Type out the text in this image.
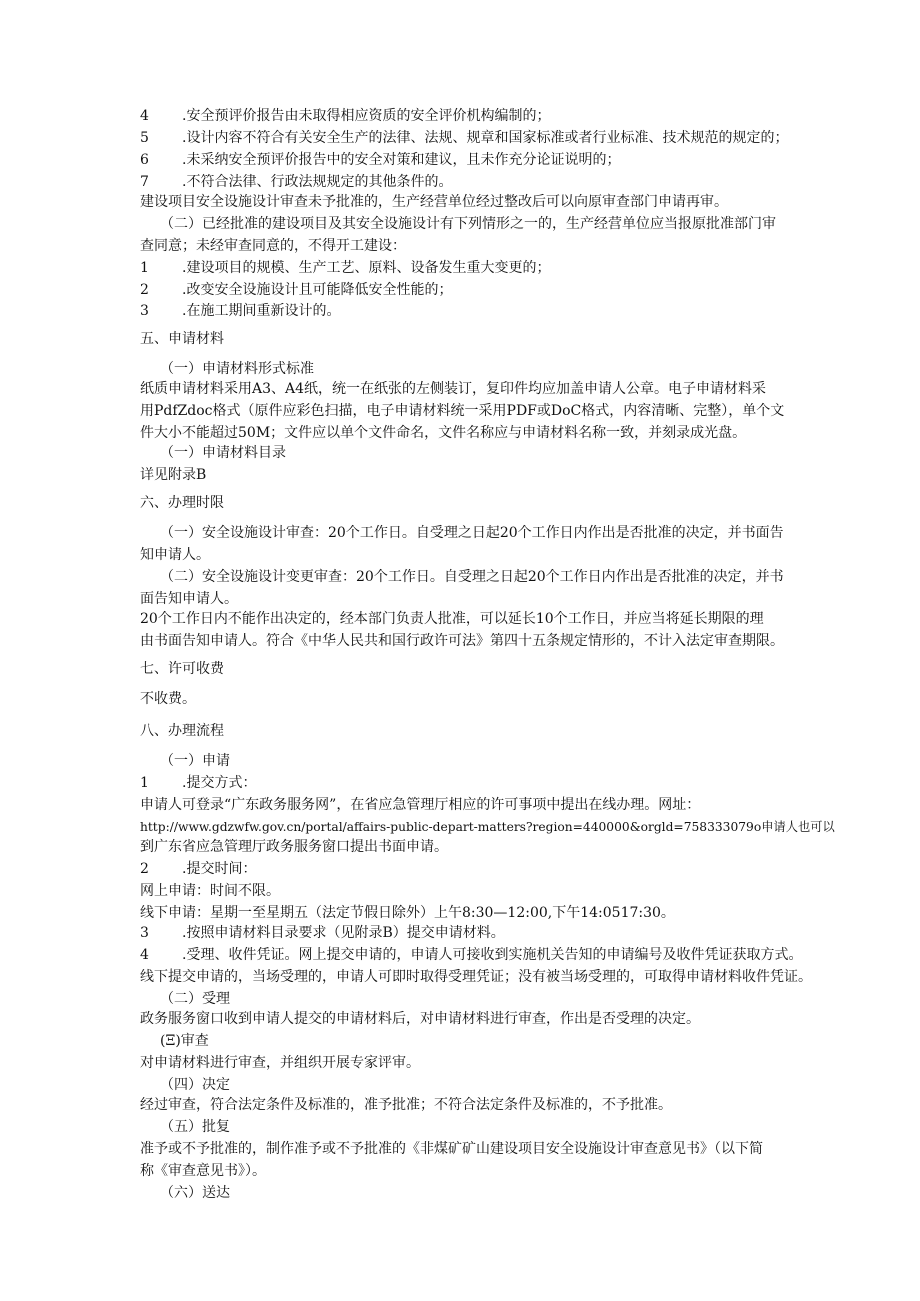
4 .安全预评价报告由未取得相应资质的安全评价机构编制的；
5 .设计内容不符合有关安全生产的法律、法规、规章和国家标准或者行业标准、技术规范的规定的；
6 .未采纳安全预评价报告中的安全对策和建议，且未作充分论证说明的；
7 .不符合法律、行政法规规定的其他条件的。
建设项目安全设施设计审查未予批准的，生产经营单位经过整改后可以向原审查部门申请再审。
（二）已经批准的建设项目及其安全设施设计有下列情形之一的，生产经营单位应当报原批准部门审
查同意；未经审查同意的，不得开工建设：
1 .建设项目的规模、生产工艺、原料、设备发生重大变更的；
2 .改变安全设施设计且可能降低安全性能的；
3 .在施工期间重新设计的。
五、申请材料
（一）申请材料形式标准
纸质申请材料采用A3、A4纸，统一在纸张的左侧装订，复印件均应加盖申请人公章。电子申请材料采
用PdfZdoc格式（原件应彩色扫描，电子申请材料统一采用PDF或DoC格式，内容清晰、完整），单个文
件大小不能超过50M；文件应以单个文件命名，文件名称应与申请材料名称一致，并刻录成光盘。
（一）申请材料目录
详见附录B
六、办理时限
（一）安全设施设计审查：20个工作日。自受理之日起20个工作日内作出是否批准的决定，并书面告
知申请人。
（二）安全设施设计变更审查：20个工作日。自受理之日起20个工作日内作出是否批准的决定，并书
面告知申请人。
20个工作日内不能作出决定的，经本部门负责人批准，可以延长10个工作日，并应当将延长期限的理
由书面告知申请人。符合《中华人民共和国行政许可法》第四十五条规定情形的，不计入法定审查期限。
七、许可收费
不收费。
八、办理流程
（一）申请
1 .提交方式：
申请人可登录“广东政务服务网”，在省应急管理厅相应的许可事项中提出在线办理。网址：
http://www.gdzwfw.gov.cn/portal/affairs-public-depart-matters?region=440000&orgld=758333079o申请人也可以
到广东省应急管理厅政务服务窗口提出书面申请。
2 .提交时间：
网上申请：时间不限。
线下申请：星期一至星期五（法定节假日除外）上午8:30—12:00,下午14:0517:30。
3 .按照申请材料目录要求（见附录B）提交申请材料。
4 .受理、收件凭证。网上提交申请的，申请人可接收到实施机关告知的申请编号及收件凭证获取方式。
线下提交申请的，当场受理的，申请人可即时取得受理凭证；没有被当场受理的，可取得申请材料收件凭证。
（二）受理
政务服务窗口收到申请人提交的申请材料后，对申请材料进行审查，作出是否受理的决定。
(Ξ)审查
对申请材料进行审查，并组织开展专家评审。
（四）决定
经过审查，符合法定条件及标准的，准予批准；不符合法定条件及标准的，不予批准。
（五）批复
准予或不予批准的，制作准予或不予批准的《非煤矿矿山建设项目安全设施设计审查意见书》（以下简
称《审查意见书》）。
（六）送达
